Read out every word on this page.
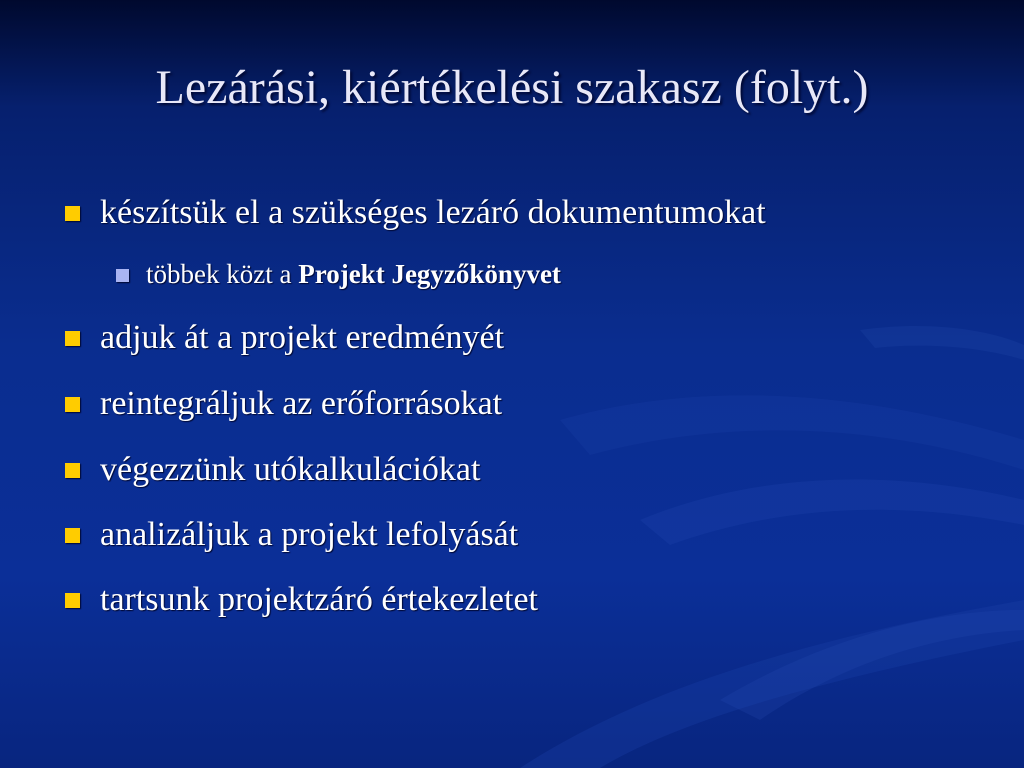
Lezárási, kiértékelési szakasz (folyt.)
készítsük el a szükséges lezáró dokumentumokat
többek közt a Projekt Jegyzőkönyvet
adjuk át a projekt eredményét
reintegráljuk az erőforrásokat
végezzünk utókalkulációkat
analizáljuk a projekt lefolyását
tartsunk projektzáró értekezletet
